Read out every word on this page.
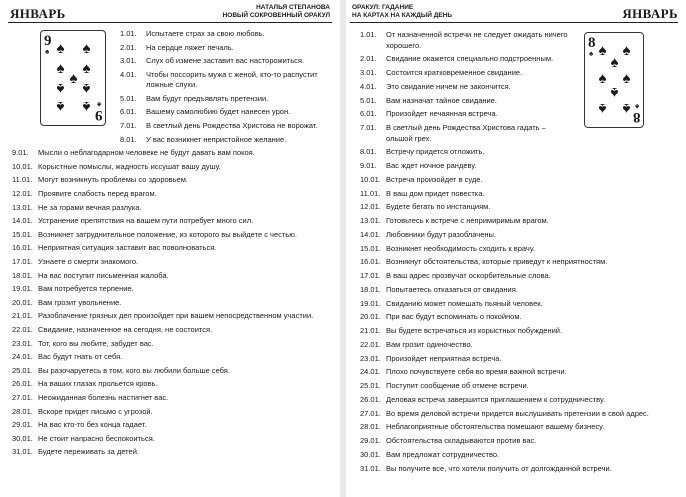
ЯНВАРЬ	НАТАЛЬЯ СТЕПАНОВА
НОВЫЙ СОКРОВЕННЫЙ ОРАКУЛ
9
♠
9
♠
♠ ♠
♠ ♠
♠
♠ ♠
♠ ♠
1.01.	Испытаете страх за свою любовь.
2.01.	На сердце ляжет печаль.
3.01.	Слух об измене заставит вас насторожиться.
4.01.	Чтобы поссорить мужа с женой, кто-то распустит ложные слухи.
5.01.	Вам будут предъявлять претензии.
6.01.	Вашему самолюбию будет нанесен урон.
7.01.	В светлый день Рождества Христова не ворожат.
8.01.	У вас возникнет непристойное желание.
9.01.	Мысли о неблагодарном человеке не будут давать вам покоя.
10.01. Корыстные помыслы, жадность иссушат вашу душу.
11.01. Могут возникнуть проблемы со здоровьем.
12.01. Проявите слабость перед врагом.
13.01. Не за горами вечная разлука.
14.01. Устранение препятствия на вашем пути потребует много сил.
15.01. Возникнет затруднительное положение, из которого вы выйдете с честью.
16.01. Неприятная ситуация заставит вас поволноваться.
17.01. Узнаете о смерти знакомого.
18.01. На вас поступит письменная жалоба.
19.01. Вам потребуется терпение.
20.01. Вам грозит увольнение.
21.01. Разоблачение грязных дел произойдет при вашем непосредственном участии.
22.01. Свидание, назначенное на сегодня, не состоится.
23.01. Тот, кого вы любите, забудет вас.
24.01. Вас будут гнать от себя.
25.01. Вы разочаруетесь в том, кого вы любили больше себя.
26.01. На ваших глазах прольется кровь.
27.01. Неожиданная болезнь настигнет вас.
28.01. Вскоре придет письмо с угрозой.
29.01. На вас кто-то без конца гадает.
30.01. Не стоит напрасно беспокоиться.
31.01. Будете переживать за детей.
ОРАКУЛ: ГАДАНИЕ
НА КАРТАХ НА КАЖДЫЙ ДЕНЬ	ЯНВАРЬ
8
♠
8
♠
♠ ♠
♠
♠ ♠
♠
♠ ♠
1.01.	От назначенной встречи не следует ожидать ничего хорошего.
2.01.	Свидание окажется специально подстроенным.
3.01.	Состоится кратковременное свидание.
4.01.	Это свидание ничем не закончится.
5.01.	Вам назначат тайное свидание.
6.01.	Произойдет нечаянная встреча.
7.01.	В светлый день Рождества Христова гадать – ольшой грех.
8.01.	Встречу придется отложить.
9.01.	Вас ждет ночное рандеву.
10.01. Встреча произойдет в суде.
11.01. В ваш дом придет повестка.
12.01. Будете бегать по инстанциям.
13.01. Готовьтесь к встрече с непримиримым врагом.
14.01. Любовники будут разоблачены.
15.01. Возникнет необходимость сходить к врачу.
16.01. Возникнут обстоятельства, которые приведут к неприятностям.
17.01. В ваш адрес прозвучат оскорбительные слова.
18.01. Попытаетесь отказаться от свидания.
19.01. Свиданию может помешать пьяный человек.
20.01. При вас будут вспоминать о покойном.
21.01. Вы будете встречаться из корыстных побуждений.
22.01. Вам грозит одиночество.
23.01. Произойдет неприятная встреча.
24.01. Плохо почувствуете себя во время важной встречи.
25.01. Поступит сообщение об отмене встречи.
26.01. Деловая встреча завершится приглашением к сотрудничеству.
27.01. Во время деловой встречи придется выслушивать претензии в свой адрес.
28.01. Неблагоприятные обстоятельства помешают вашему бизнесу.
29.01. Обстоятельства складываются против вас.
30.01. Вам предложат сотрудничество.
31.01. Вы получите все, что хотели получить от долгожданной встречи.
